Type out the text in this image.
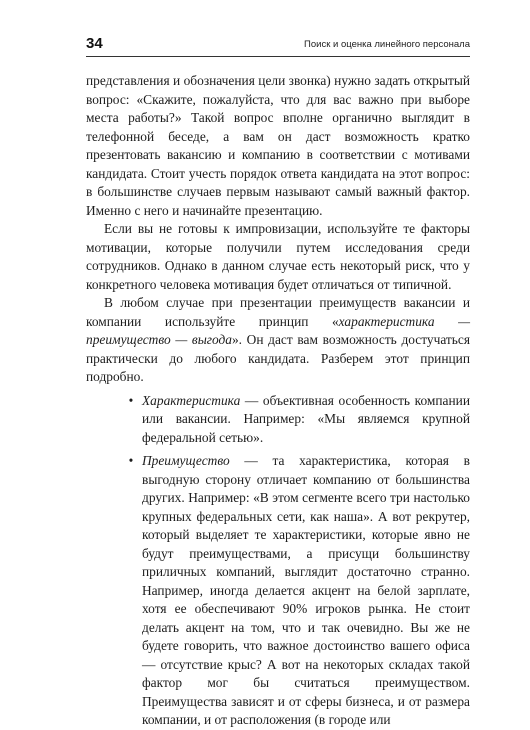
34	Поиск и оценка линейного персонала

представления и обозначения цели звонка) нужно задать открытый вопрос: «Скажите, пожалуйста, что для вас важно при выборе места работы?» Такой вопрос вполне органично выглядит в телефонной беседе, а вам он даст возможность кратко презентовать вакансию и компанию в соответствии с мотивами кандидата. Стоит учесть порядок ответа кандидата на этот вопрос: в большинстве случаев первым называют самый важный фактор. Именно с него и начинайте презентацию.

Если вы не готовы к импровизации, используйте те факторы мотивации, которые получили путем исследования среди сотрудников. Однако в данном случае есть некоторый риск, что у конкретного человека мотивация будет отличаться от типичной.

В любом случае при презентации преимуществ вакансии и компании используйте принцип «характеристика — преимущество — выгода». Он даст вам возможность достучаться практически до любого кандидата. Разберем этот принцип подробно.

• Характеристика — объективная особенность компании или вакансии. Например: «Мы являемся крупной федеральной сетью».
• Преимущество — та характеристика, которая в выгодную сторону отличает компанию от большинства других. Например: «В этом сегменте всего три настолько крупных федеральных сети, как наша». А вот рекрутер, который выделяет те характеристики, которые явно не будут преимуществами, а присущи большинству приличных компаний, выглядит достаточно странно. Например, иногда делается акцент на белой зарплате, хотя ее обеспечивают 90% игроков рынка. Не стоит делать акцент на том, что и так очевидно. Вы же не будете говорить, что важное достоинство вашего офиса — отсутствие крыс? А вот на некоторых складах такой фактор мог бы считаться преимуществом. Преимущества зависят и от сферы бизнеса, и от размера компании, и от расположения (в городе или
